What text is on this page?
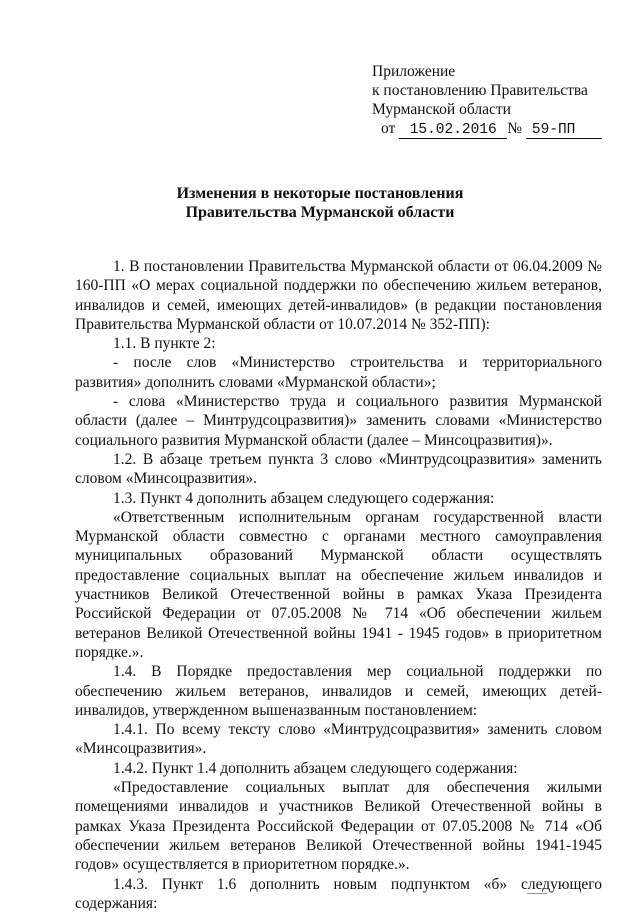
Приложение
к постановлению Правительства
Мурманской области
от 15.02.2016 № 59-ПП
Изменения в некоторые постановления
Правительства Мурманской области

1. В постановлении Правительства Мурманской области от 06.04.2009 № 160-ПП «О мерах социальной поддержки по обеспечению жильем ветеранов, инвалидов и семей, имеющих детей-инвалидов» (в редакции постановления Правительства Мурманской области от 10.07.2014 № 352-ПП):

1.1. В пункте 2:

- после слов «Министерство строительства и территориального развития» дополнить словами «Мурманской области»;

- слова «Министерство труда и социального развития Мурманской области (далее – Минтрудсоцразвития)» заменить словами «Министерство социального развития Мурманской области (далее – Минсоцразвития)».

1.2. В абзаце третьем пункта 3 слово «Минтрудсоцразвития» заменить словом «Минсоцразвития».

1.3. Пункт 4 дополнить абзацем следующего содержания:

«Ответственным исполнительным органам государственной власти Мурманской области совместно с органами местного самоуправления муниципальных образований Мурманской области осуществлять предоставление социальных выплат на обеспечение жильем инвалидов и участников Великой Отечественной войны в рамках Указа Президента Российской Федерации от 07.05.2008 № 714 «Об обеспечении жильем ветеранов Великой Отечественной войны 1941 - 1945 годов» в приоритетном порядке.».

1.4. В Порядке предоставления мер социальной поддержки по обеспечению жильем ветеранов, инвалидов и семей, имеющих детей-инвалидов, утвержденном вышеназванным постановлением:

1.4.1. По всему тексту слово «Минтрудсоцразвития» заменить словом «Минсоцразвития».

1.4.2. Пункт 1.4 дополнить абзацем следующего содержания:

«Предоставление социальных выплат для обеспечения жилыми помещениями инвалидов и участников Великой Отечественной войны в рамках Указа Президента Российской Федерации от 07.05.2008 № 714 «Об обеспечении жильем ветеранов Великой Отечественной войны 1941-1945 годов» осуществляется в приоритетном порядке.».

1.4.3. Пункт 1.6 дополнить новым подпунктом «б» следующего содержания:
